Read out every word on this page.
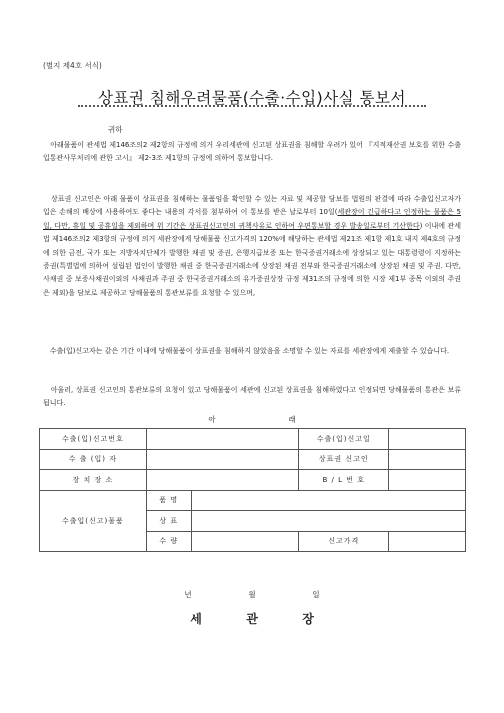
(별지 제4호 서식)
상표권 침해우려물품(수출·수입)사실 통보서
귀하
아래물품이 관세법 제146조의2 제2항의 규정에 의거 우리세관에 신고된 상표권을 침해할 우려가 있어 『지적재산권 보호를 위한 수출입통관사무처리에 관한 고시』 제2-3조 제1항의 규정에 의하여 통보합니다.
상표권 신고인은 아래 물품이 상표권을 침해하는 물품임을 확인할 수 있는 자료 및 제공할 담보를 법원의 판결에 따라 수출입신고자가 입은 손해의 배상에 사용하여도 좋다는 내용의 각서를 첨부하여 이 통보를 받은 날로부터 10일(세관장이 긴급하다고 인정하는 물품은 5일, 다만, 휴일 및 공휴일을 제외하며 위 기간은 상표권신고인의 귀책사유로 인하여 우편통보할 경우 발송일로부터 기산한다) 이내에 관세법 제146조의2 제3항의 규정에 의거 세관장에게 당해물품 신고가격의 120%에 해당하는 관세법 제21조 제1항 제1호 내지 제4호의 규정에 의한 금전, 국가 또는 지방자치단체가 발행한 채권 및 증권, 은행지급보증 또는 한국증권거래소에 상장되고 있는 대통령령이 지정하는 증권(특별법에 의하여 설립된 법인이 발행한 채권 중 한국증권거래소에 상장된 채권 전부와 한국증권거래소에 상장된 채권 및 주권. 다만, 사채권 중 보증사채권이외의 사채권과 주권 중 한국증권거래소의 유가증권상장 규정 제31조의 규정에 의한 시장 제1부 종목 이외의 주권은 제외)을 담보로 제공하고 당해물품의 통관보류를 요청할 수 있으며,
수출(입)신고자는 같은 기간 이내에 당해물품이 상표권을 침해하지 않았음을 소명할 수 있는 자료를 세관장에게 제출할 수 있습니다.
아울러, 상표권 신고인의 통관보류의 요청이 있고 당해물품이 세관에 신고된 상표권을 침해하였다고 인정되면 당해물품의 통관은 보류됩니다.
아	래
수출(입)신고번호			수출(입)신고일	
수 출 (입) 자			상표권 신고인	
장 치 장 소			B / L 번 호	
수출입(신고)물품	품 명			
	상 표			
	수 량		신고가격	
년	월	일
세	관	장
